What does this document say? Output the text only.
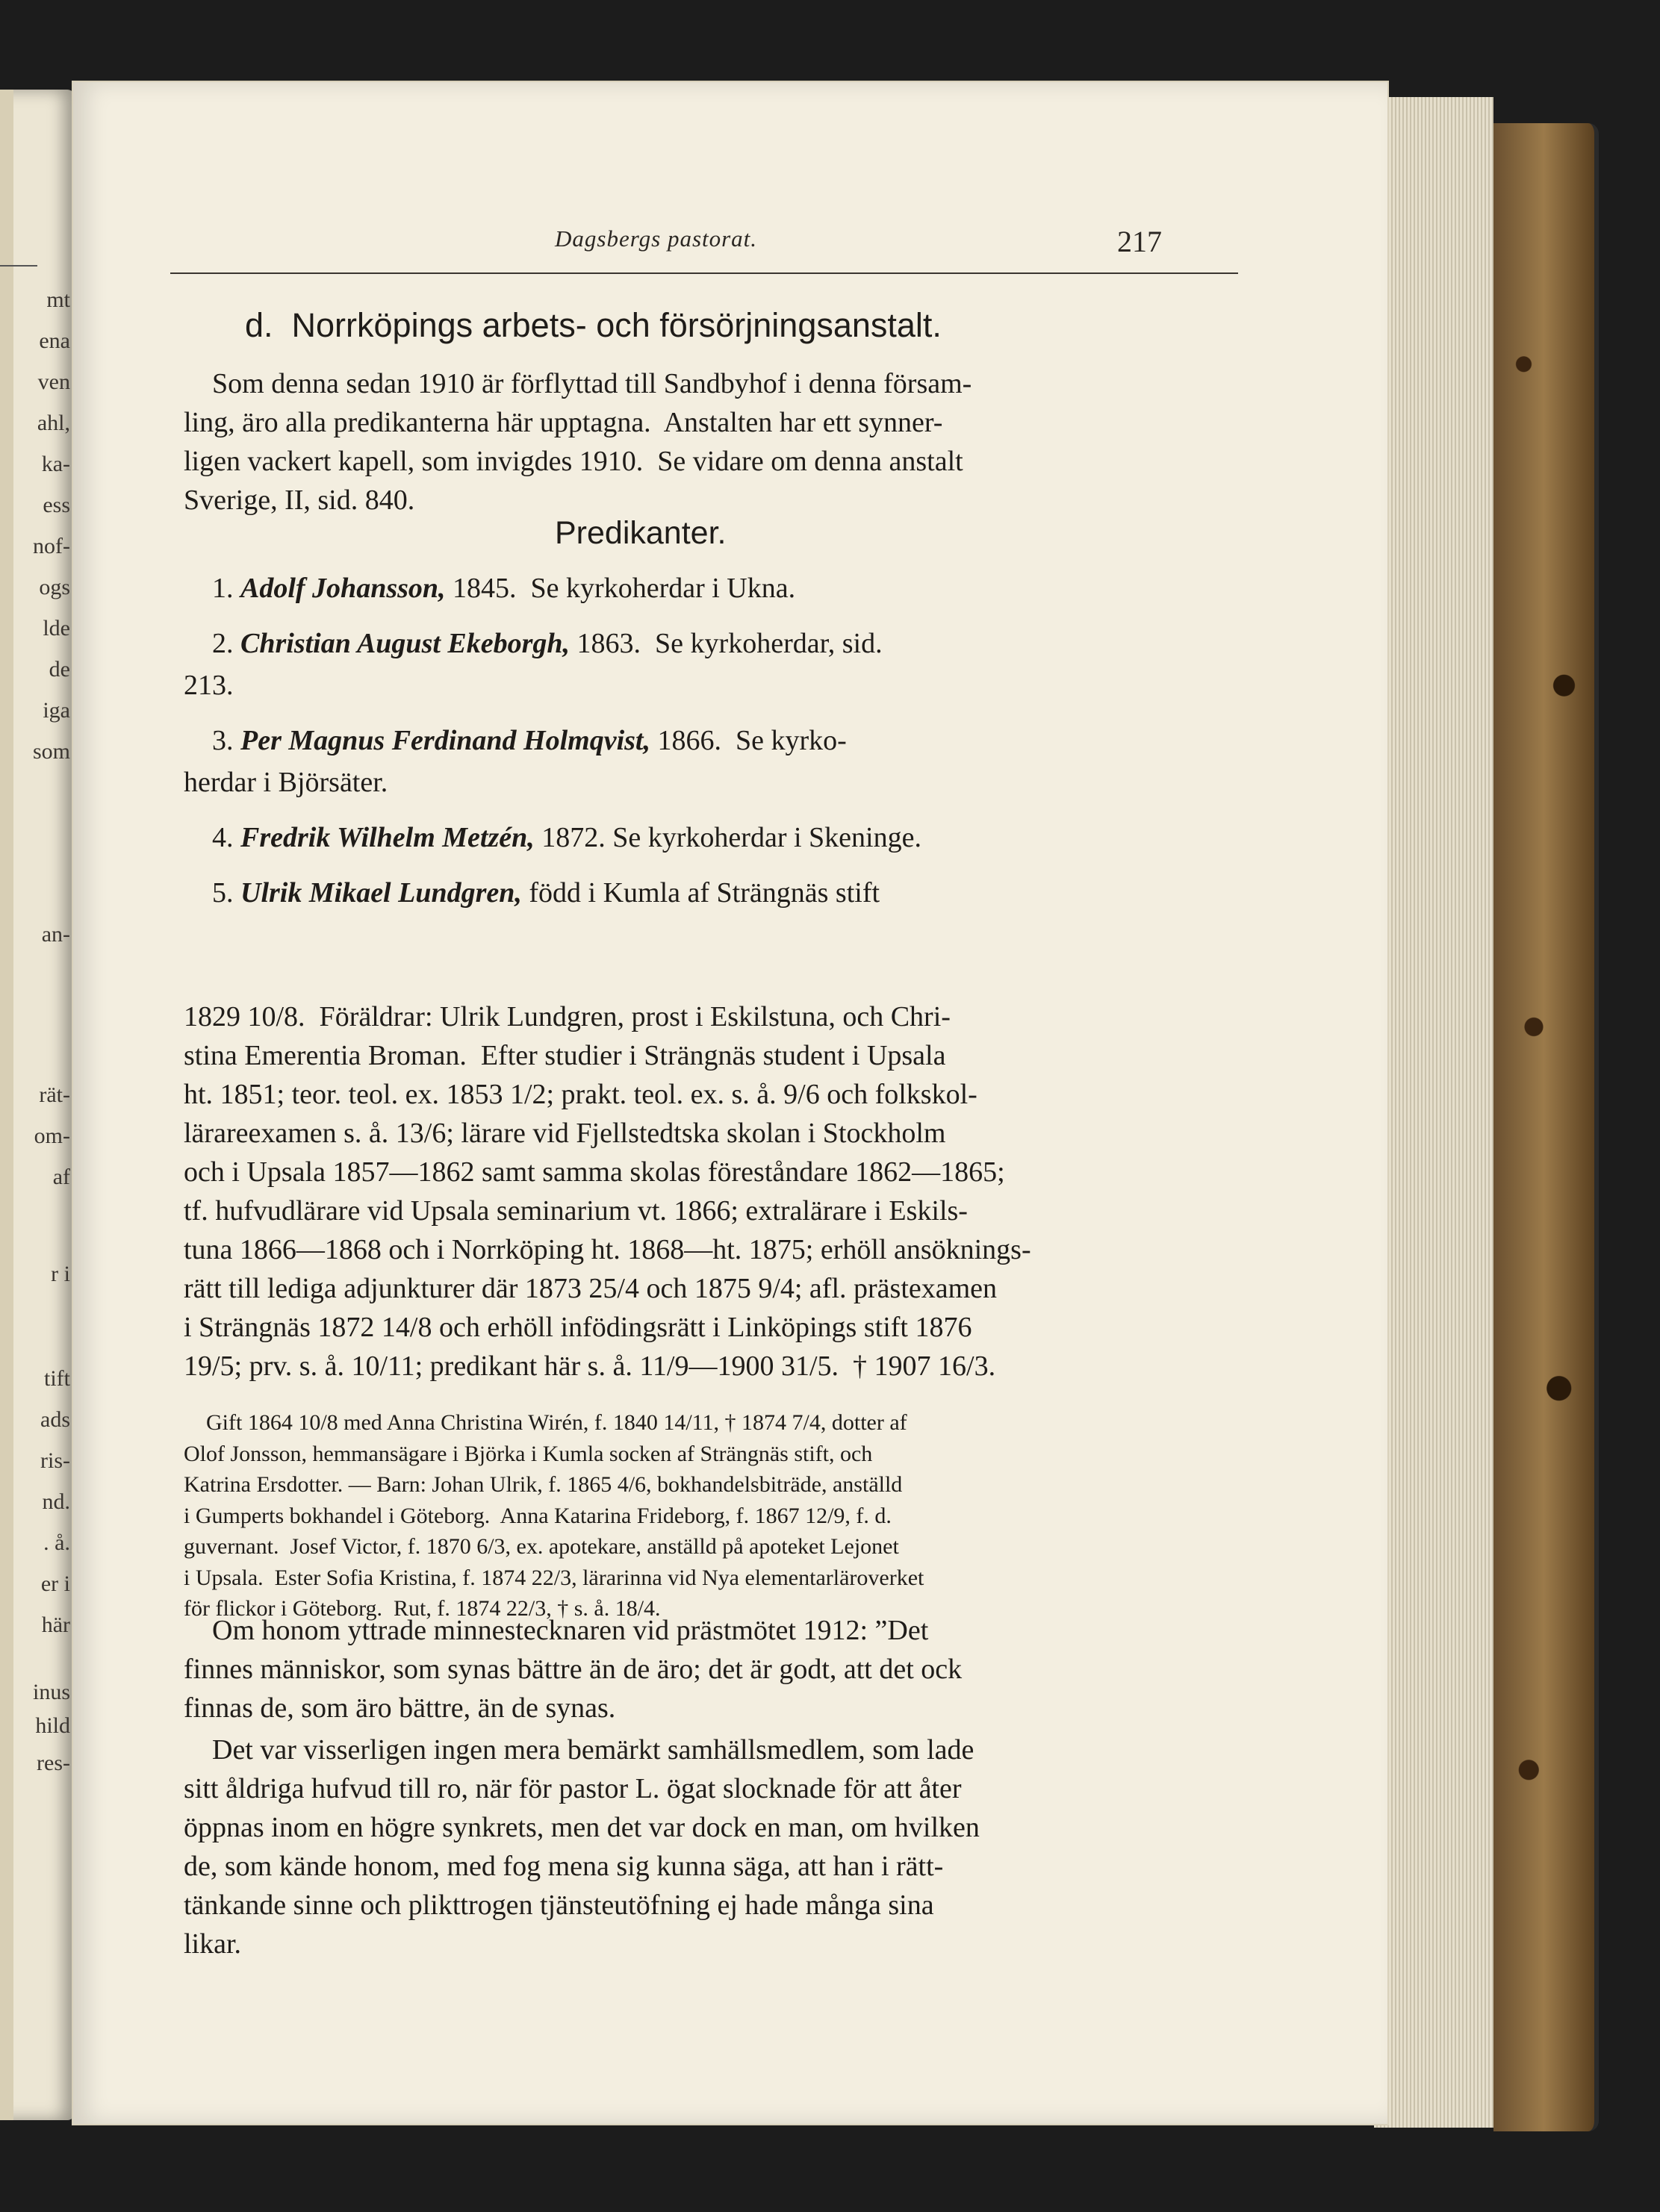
mt
ena
ven
ahl,
ka-
ess
nof-
ogs
lde
de
iga
som
an-
rät-
om-
af
r i
tift
ads
ris-
nd.
. å.
er i
här
inus
hild
res-

Dagsbergs pastorat.	217

d.  Norrköpings arbets- och försörjningsanstalt.

Som denna sedan 1910 är förflyttad till Sandbyhof i denna försam-
ling, äro alla predikanterna här upptagna.  Anstalten har ett synner-
ligen vackert kapell, som invigdes 1910.  Se vidare om denna anstalt
Sverige, II, sid. 840.

Predikanter.

1. Adolf Johansson, 1845.  Se kyrkoherdar i Ukna.
2. Christian August Ekeborgh, 1863.  Se kyrkoherdar, sid.
213.
3. Per Magnus Ferdinand Holmqvist, 1866.  Se kyrko-
herdar i Björsäter.
4. Fredrik Wilhelm Metzén, 1872. Se kyrkoherdar i Skeninge.
5. Ulrik Mikael Lundgren, född i Kumla af Strängnäs stift
1829 10/8.  Föräldrar: Ulrik Lundgren, prost i Eskilstuna, och Chri-
stina Emerentia Broman.  Efter studier i Strängnäs student i Upsala
ht. 1851; teor. teol. ex. 1853 1/2; prakt. teol. ex. s. å. 9/6 och folkskol-
lärareexamen s. å. 13/6; lärare vid Fjellstedtska skolan i Stockholm
och i Upsala 1857—1862 samt samma skolas föreståndare 1862—1865;
tf. hufvudlärare vid Upsala seminarium vt. 1866; extralärare i Eskils-
tuna 1866—1868 och i Norrköping ht. 1868—ht. 1875; erhöll ansöknings-
rätt till lediga adjunkturer där 1873 25/4 och 1875 9/4; afl. prästexamen
i Strängnäs 1872 14/8 och erhöll infödingsrätt i Linköpings stift 1876
19/5; prv. s. å. 10/11; predikant här s. å. 11/9—1900 31/5.  † 1907 16/3.
Gift 1864 10/8 med Anna Christina Wirén, f. 1840 14/11, † 1874 7/4, dotter af
Olof Jonsson, hemmansägare i Björka i Kumla socken af Strängnäs stift, och
Katrina Ersdotter. — Barn: Johan Ulrik, f. 1865 4/6, bokhandelsbiträde, anställd
i Gumperts bokhandel i Göteborg.  Anna Katarina Frideborg, f. 1867 12/9, f. d.
guvernant.  Josef Victor, f. 1870 6/3, ex. apotekare, anställd på apoteket Lejonet
i Upsala.  Ester Sofia Kristina, f. 1874 22/3, lärarinna vid Nya elementarläroverket
för flickor i Göteborg.  Rut, f. 1874 22/3, † s. å. 18/4.
Om honom yttrade minnestecknaren vid prästmötet 1912: ”Det
finnes människor, som synas bättre än de äro; det är godt, att det ock
finnas de, som äro bättre, än de synas.
Det var visserligen ingen mera bemärkt samhällsmedlem, som lade
sitt åldriga hufvud till ro, när för pastor L. ögat slocknade för att åter
öppnas inom en högre synkrets, men det var dock en man, om hvilken
de, som kände honom, med fog mena sig kunna säga, att han i rätt-
tänkande sinne och plikttrogen tjänsteutöfning ej hade många sina
likar.
